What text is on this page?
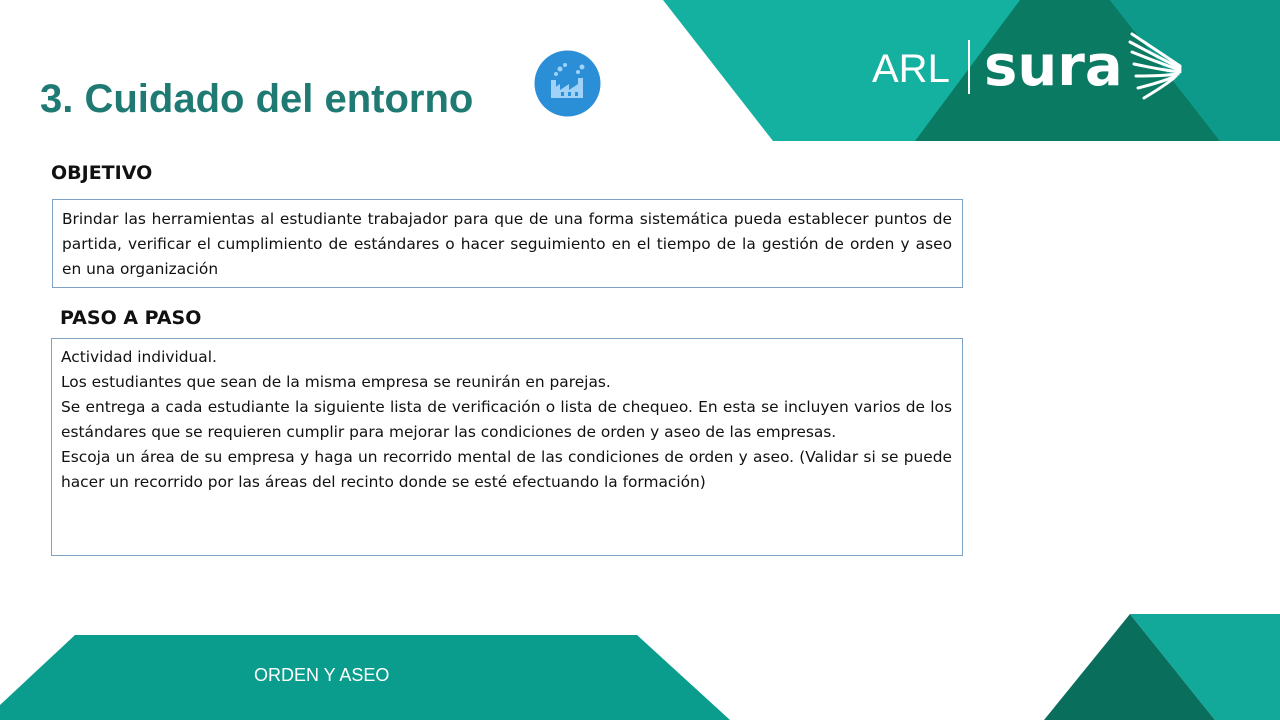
ARL sura
3. Cuidado del entorno
OBJETIVO

Brindar las herramientas al estudiante trabajador para que de una forma sistemática pueda establecer puntos de partida, verificar el cumplimiento de estándares o hacer seguimiento en el tiempo de la gestión de orden y aseo en una organización

PASO A PASO

Actividad individual.

Los estudiantes que sean de la misma empresa se reunirán en parejas.

Se entrega a cada estudiante la siguiente lista de verificación o lista de chequeo. En esta se incluyen varios de los estándares que se requieren cumplir para mejorar las condiciones de orden y aseo de las empresas.

Escoja un área de su empresa y haga un recorrido mental de las condiciones de orden y aseo. (Validar si se puede hacer un recorrido por las áreas del recinto donde se esté efectuando la formación)

ORDEN Y ASEO
